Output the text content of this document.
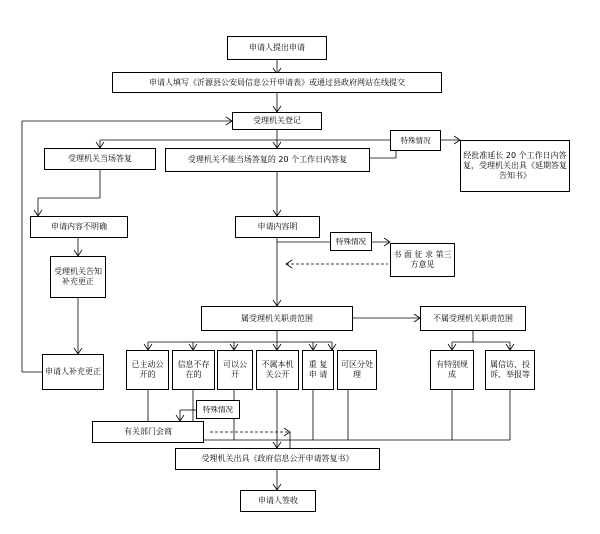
申请人提出申请
申请人填写《沂源县公安局信息公开申请表》或通过县政府网站在线提交
受理机关登记
受理机关当场答复	受理机关不能当场答复的 20 个工作日内答复
特殊情况
经批准延长 20 个工作日内答复，受理机关出具《延期答复告知书》
申请内容不明确	申请内容明
特殊情况
书 面 征 求 第三方意见
受理机关告知补充更正
属受理机关职责范围	不属受理机关职责范围
申请人补充更正
已主动公开的
信息不存在的
可以公开
不属本机关公开
重 复 申 请
可区分处理
有特别规成
属信访、投诉、举报等
特殊情况
有关部门会商
受理机关出具《政府信息公开申请答复书》
申请人签收
